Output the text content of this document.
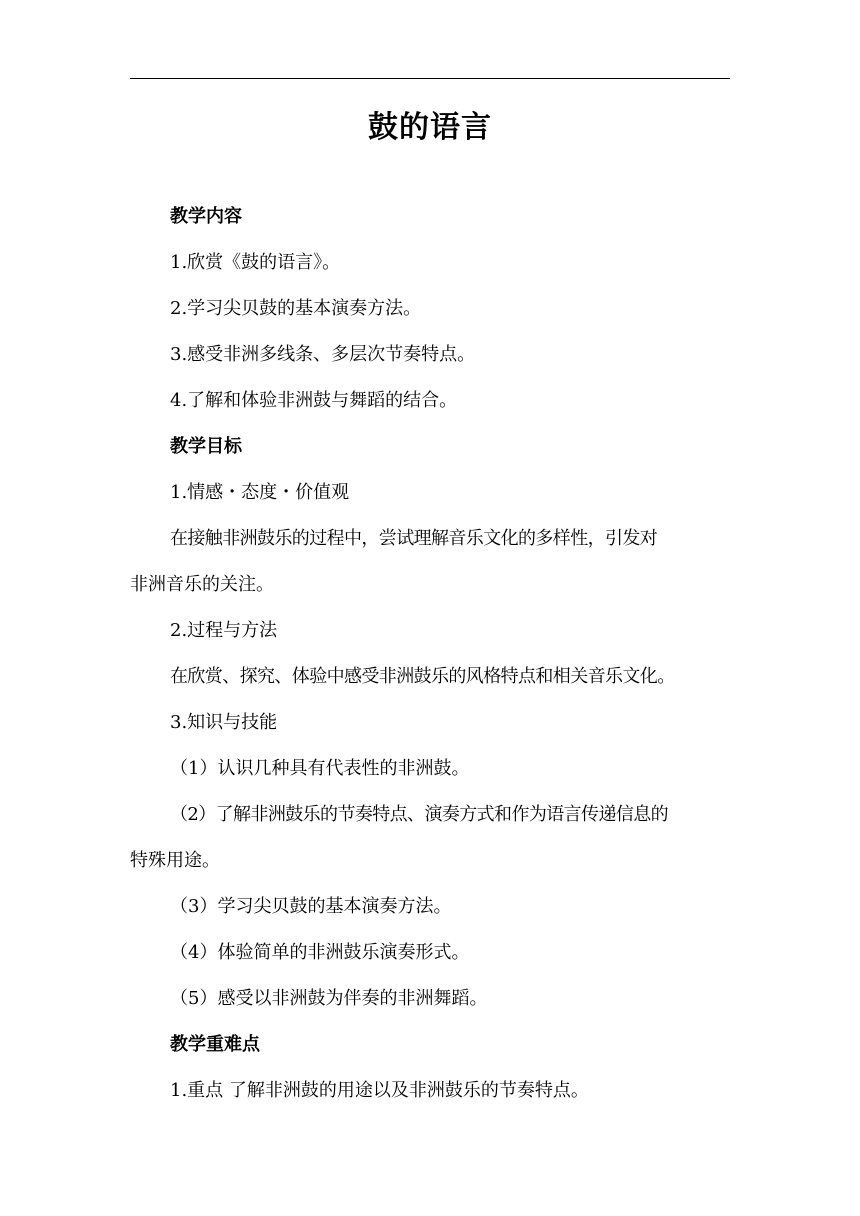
鼓的语言
教学内容
1.欣赏《鼓的语言》。
2.学习尖贝鼓的基本演奏方法。
3.感受非洲多线条、多层次节奏特点。
4.了解和体验非洲鼓与舞蹈的结合。
教学目标
1.情感・态度・价值观
在接触非洲鼓乐的过程中，尝试理解音乐文化的多样性，引发对
非洲音乐的关注。
2.过程与方法
在欣赏、探究、体验中感受非洲鼓乐的风格特点和相关音乐文化。
3.知识与技能
（1）认识几种具有代表性的非洲鼓。
（2）了解非洲鼓乐的节奏特点、演奏方式和作为语言传递信息的
特殊用途。
（3）学习尖贝鼓的基本演奏方法。
（4）体验简单的非洲鼓乐演奏形式。
（5）感受以非洲鼓为伴奏的非洲舞蹈。
教学重难点
1.重点 了解非洲鼓的用途以及非洲鼓乐的节奏特点。
